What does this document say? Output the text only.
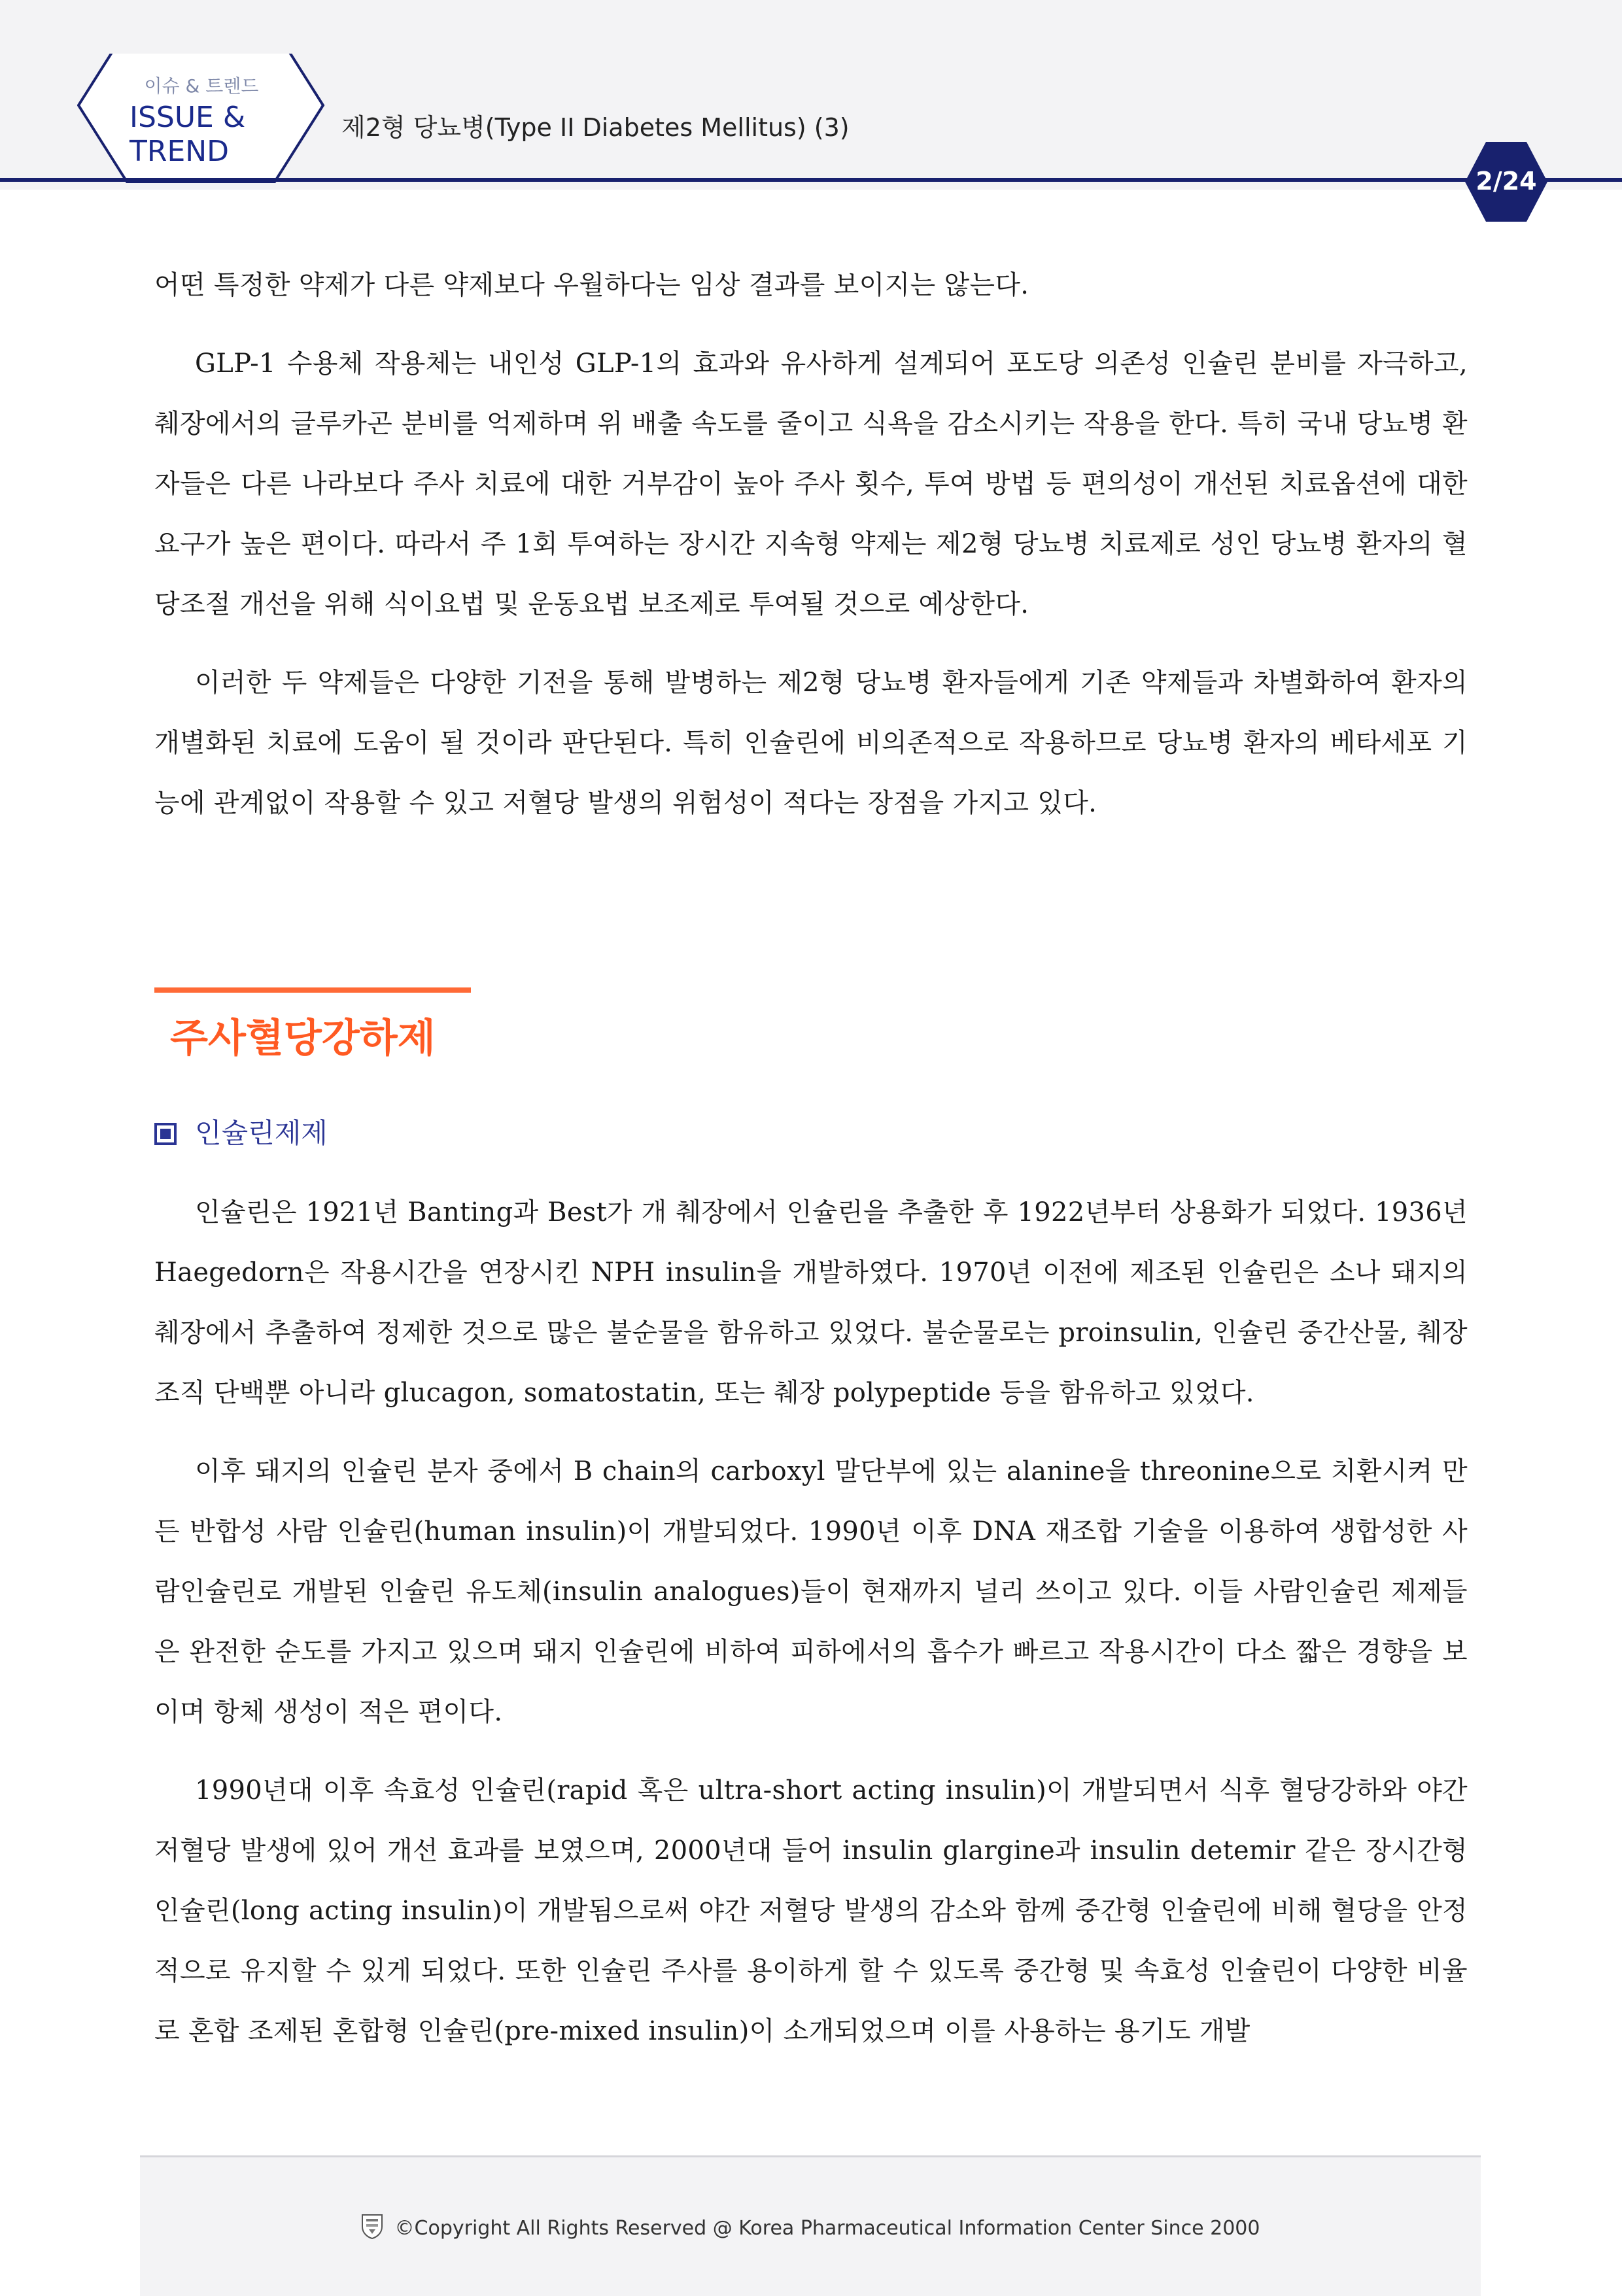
이슈 & 트렌드
ISSUE &
TREND
제2형 당뇨병(Type II Diabetes Mellitus) (3)
2/24

어떤 특정한 약제가 다른 약제보다 우월하다는 임상 결과를 보이지는 않는다.

GLP-1 수용체 작용체는 내인성 GLP-1의 효과와 유사하게 설계되어 포도당 의존성 인슐린 분비를 자극하고, 췌장에서의 글루카곤 분비를 억제하며 위 배출 속도를 줄이고 식욕을 감소시키는 작용을 한다. 특히 국내 당뇨병 환자들은 다른 나라보다 주사 치료에 대한 거부감이 높아 주사 횟수, 투여 방법 등 편의성이 개선된 치료옵션에 대한 요구가 높은 편이다. 따라서 주 1회 투여하는 장시간 지속형 약제는 제2형 당뇨병 치료제로 성인 당뇨병 환자의 혈당조절 개선을 위해 식이요법 및 운동요법 보조제로 투여될 것으로 예상한다.

이러한 두 약제들은 다양한 기전을 통해 발병하는 제2형 당뇨병 환자들에게 기존 약제들과 차별화하여 환자의 개별화된 치료에 도움이 될 것이라 판단된다. 특히 인슐린에 비의존적으로 작용하므로 당뇨병 환자의 베타세포 기능에 관계없이 작용할 수 있고 저혈당 발생의 위험성이 적다는 장점을 가지고 있다.

주사혈당강하제
인슐린제제

인슐린은 1921년 Banting과 Best가 개 췌장에서 인슐린을 추출한 후 1922년부터 상용화가 되었다. 1936년 Haegedorn은 작용시간을 연장시킨 NPH insulin을 개발하였다. 1970년 이전에 제조된 인슐린은 소나 돼지의 췌장에서 추출하여 정제한 것으로 많은 불순물을 함유하고 있었다. 불순물로는 proinsulin, 인슐린 중간산물, 췌장 조직 단백뿐 아니라 glucagon, somatostatin, 또는 췌장 polypeptide 등을 함유하고 있었다.

이후 돼지의 인슐린 분자 중에서 B chain의 carboxyl 말단부에 있는 alanine을 threonine으로 치환시켜 만든 반합성 사람 인슐린(human insulin)이 개발되었다. 1990년 이후 DNA 재조합 기술을 이용하여 생합성한 사람인슐린로 개발된 인슐린 유도체(insulin analogues)들이 현재까지 널리 쓰이고 있다. 이들 사람인슐린 제제들은 완전한 순도를 가지고 있으며 돼지 인슐린에 비하여 피하에서의 흡수가 빠르고 작용시간이 다소 짧은 경향을 보이며 항체 생성이 적은 편이다.

1990년대 이후 속효성 인슐린(rapid 혹은 ultra-short acting insulin)이 개발되면서 식후 혈당강하와 야간 저혈당 발생에 있어 개선 효과를 보였으며, 2000년대 들어 insulin glargine과 insulin detemir 같은 장시간형 인슐린(long acting insulin)이 개발됨으로써 야간 저혈당 발생의 감소와 함께 중간형 인슐린에 비해 혈당을 안정적으로 유지할 수 있게 되었다. 또한 인슐린 주사를 용이하게 할 수 있도록 중간형 및 속효성 인슐린이 다양한 비율로 혼합 조제된 혼합형 인슐린(pre-mixed insulin)이 소개되었으며 이를 사용하는 용기도 개발

©Copyright All Rights Reserved @ Korea Pharmaceutical Information Center Since 2000
